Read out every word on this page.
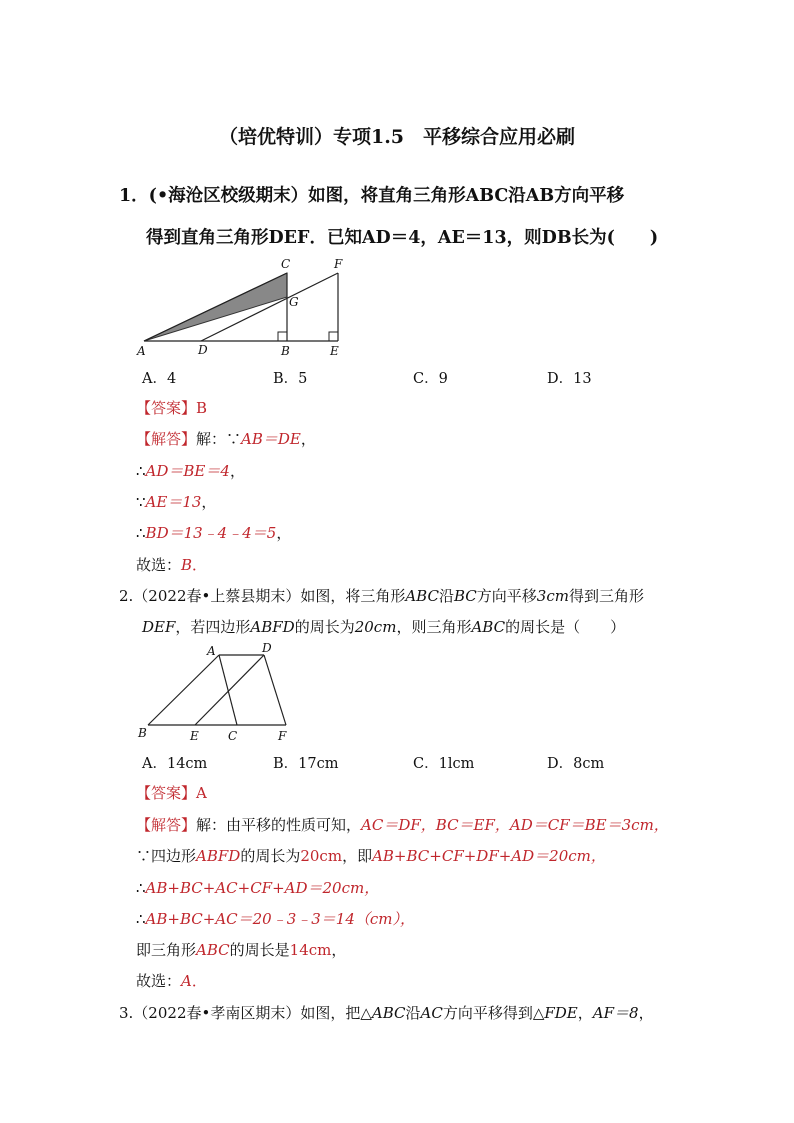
（培优特训）专项1.5　平移综合应用必刷
1．(•海沧区校级期末）如图，将直角三角形ABC沿AB方向平移
得到直角三角形DEF．已知AD＝4，AE＝13，则DB长为(　　)
A	D	B	E
C	F
G
A．4	B．5	C．9	D．13
【答案】B
【解答】解：∵AB＝DE，
∴AD＝BE＝4，
∵AE＝13，
∴BD＝13﹣4﹣4＝5，
故选：B．
2.（2022春•上蔡县期末）如图，将三角形ABC沿BC方向平移3cm得到三角形
DEF，若四边形ABFD的周长为20cm，则三角形ABC的周长是（　　）
A	D
B	E C	F
A．14cm	B．17cm	C．1lcm	D．8cm
【答案】A
【解答】解：由平移的性质可知，AC＝DF，BC＝EF，AD＝CF＝BE＝3cm，
∵四边形ABFD的周长为20cm，即AB+BC+CF+DF+AD＝20cm，
∴AB+BC+AC+CF+AD＝20cm，
∴AB+BC+AC＝20﹣3﹣3＝14（cm），
即三角形ABC的周长是14cm，
故选：A．
3.（2022春•孝南区期末）如图，把△ABC沿AC方向平移得到△FDE，AF＝8，
